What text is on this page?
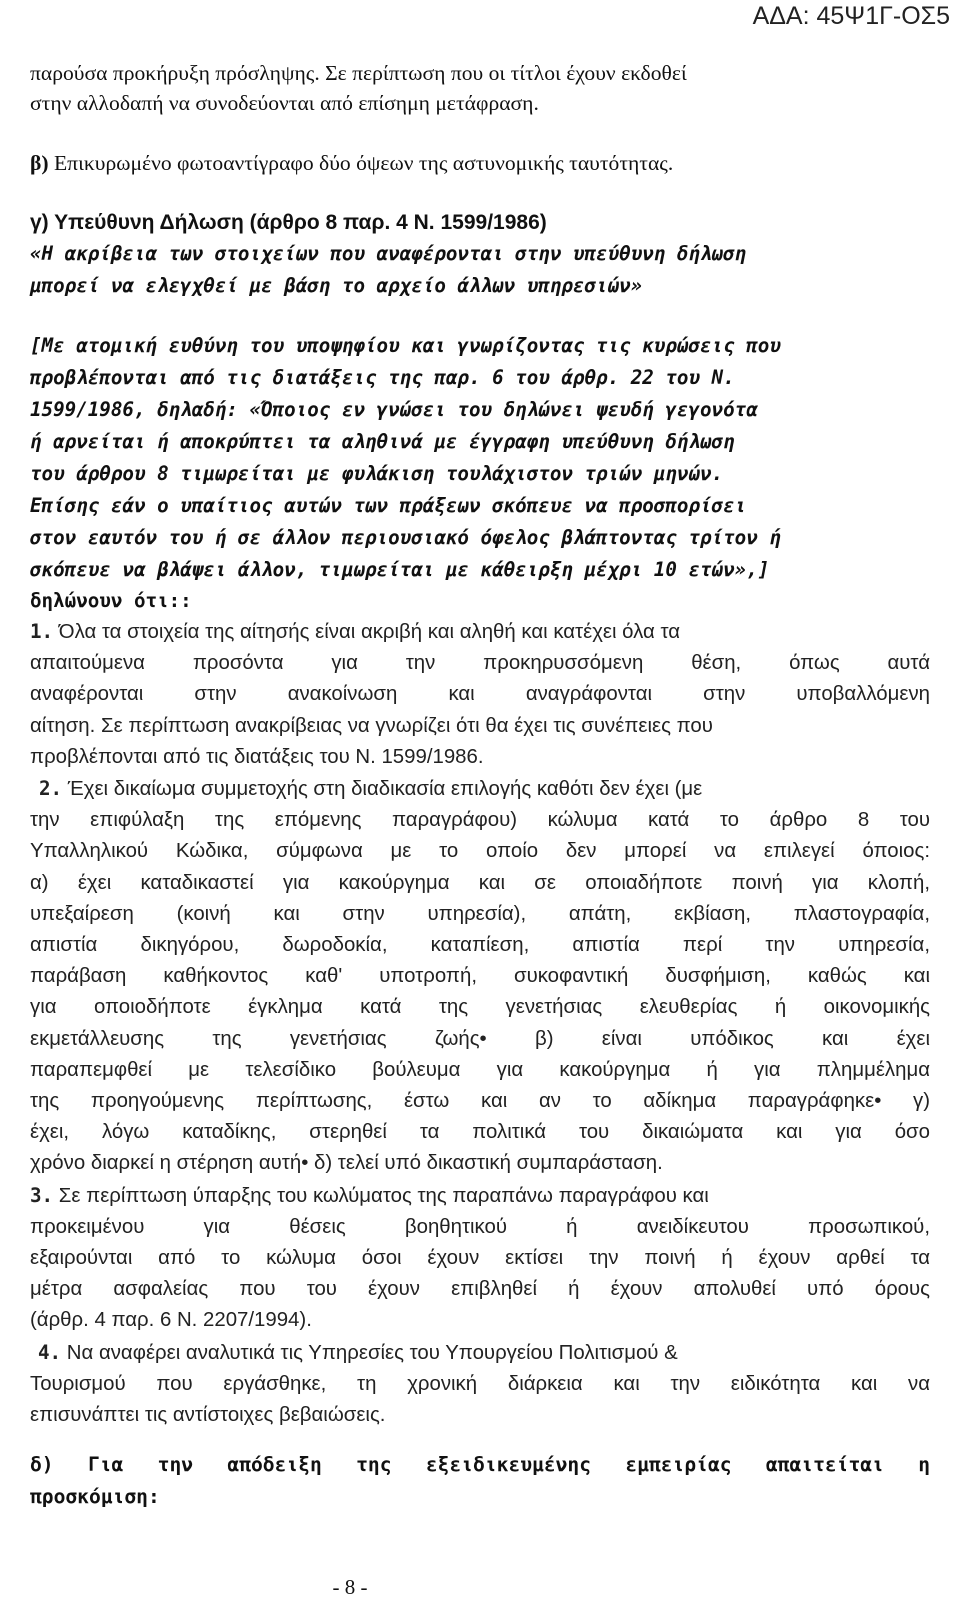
ΑΔΑ: 45Ψ1Γ-ΟΣ5
παρούσα προκήρυξη πρόσληψης. Σε περίπτωση που οι τίτλοι έχουν εκδοθεί
στην αλλοδαπή να συνοδεύονται από επίσημη μετάφραση.
β) Επικυρωμένο φωτοαντίγραφο δύο όψεων της αστυνομικής ταυτότητας.
γ) Υπεύθυνη Δήλωση (άρθρο 8 παρ. 4 Ν. 1599/1986)
«Η ακρίβεια των στοιχείων που αναφέρονται στην υπεύθυνη δήλωση
μπορεί να ελεγχθεί με βάση το αρχείο άλλων υπηρεσιών»
[Με ατομική ευθύνη του υποψηφίου και γνωρίζοντας τις κυρώσεις που
προβλέπονται από τις διατάξεις της παρ. 6 του άρθρ. 22 του Ν.
1599/1986, δηλαδή: «Όποιος εν γνώσει του δηλώνει ψευδή γεγονότα
ή αρνείται ή αποκρύπτει τα αληθινά με έγγραφη υπεύθυνη δήλωση
του άρθρου 8 τιμωρείται με φυλάκιση τουλάχιστον τριών μηνών.
Επίσης εάν ο υπαίτιος αυτών των πράξεων σκόπευε να προσπορίσει
στον εαυτόν του ή σε άλλον περιουσιακό όφελος βλάπτοντας τρίτον ή
σκόπευε να βλάψει άλλον, τιμωρείται με κάθειρξη μέχρι 10 ετών»,]
δηλώνουν ότι::
1. Όλα τα στοιχεία της αίτησής είναι ακριβή και αληθή και κατέχει όλα τα
απαιτούμενα προσόντα για την προκηρυσσόμενη θέση, όπως αυτά
αναφέρονται στην ανακοίνωση και αναγράφονται στην υποβαλλόμενη
αίτηση. Σε περίπτωση ανακρίβειας να γνωρίζει ότι θα έχει τις συνέπειες που
προβλέπονται από τις διατάξεις του Ν. 1599/1986.
2. Έχει δικαίωμα συμμετοχής στη διαδικασία επιλογής καθότι δεν έχει (με
την επιφύλαξη της επόμενης παραγράφου) κώλυμα κατά το άρθρο 8 του
Υπαλληλικού Κώδικα, σύμφωνα με το οποίο δεν μπορεί να επιλεγεί όποιος:
α) έχει καταδικαστεί για κακούργημα και σε οποιαδήποτε ποινή για κλοπή,
υπεξαίρεση (κοινή και στην υπηρεσία), απάτη, εκβίαση, πλαστογραφία,
απιστία δικηγόρου, δωροδοκία, καταπίεση, απιστία περί την υπηρεσία,
παράβαση καθήκοντος καθ' υποτροπή, συκοφαντική δυσφήμιση, καθώς και
για οποιοδήποτε έγκλημα κατά της γενετήσιας ελευθερίας ή οικονομικής
εκμετάλλευσης της γενετήσιας ζωής• β) είναι υπόδικος και έχει
παραπεμφθεί με τελεσίδικο βούλευμα για κακούργημα ή για πλημμέλημα
της προηγούμενης περίπτωσης, έστω και αν το αδίκημα παραγράφηκε• γ)
έχει, λόγω καταδίκης, στερηθεί τα πολιτικά του δικαιώματα και για όσο
χρόνο διαρκεί η στέρηση αυτή• δ) τελεί υπό δικαστική συμπαράσταση.
3. Σε περίπτωση ύπαρξης του κωλύματος της παραπάνω παραγράφου και
προκειμένου για θέσεις βοηθητικού ή ανειδίκευτου προσωπικού,
εξαιρούνται από το κώλυμα όσοι έχουν εκτίσει την ποινή ή έχουν αρθεί τα
μέτρα ασφαλείας που του έχουν επιβληθεί ή έχουν απολυθεί υπό όρους
(άρθρ. 4 παρ. 6 Ν. 2207/1994).
4. Να αναφέρει αναλυτικά τις Υπηρεσίες του Υπουργείου Πολιτισμού &
Τουρισμού που εργάσθηκε, τη χρονική διάρκεια και την ειδικότητα και να
επισυνάπτει τις αντίστοιχες βεβαιώσεις.
δ) Για την απόδειξη της εξειδικευμένης εμπειρίας απαιτείται η
προσκόμιση:
- 8 -
